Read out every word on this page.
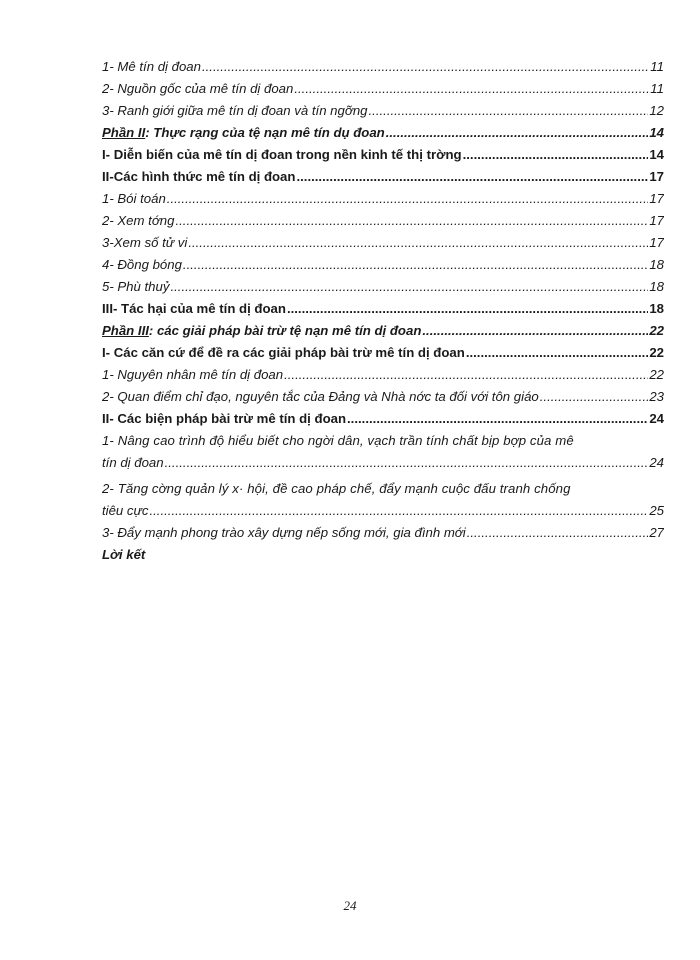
1- Mê tín dị đoan .....	11
2- Nguồn gốc của mê tín dị đoan .....	11
3- Ranh giới giữa mê tín dị đoan và tín ngỡng .....	12
Phần II: Thực rạng của tệ nạn mê tín dụ đoan .....	14
I- Diễn biến của mê tín dị đoan trong nền kinh tế thị trờng .....	14
II-Các hình thức mê tín dị đoan .....	17
1- Bói toán .....	17
2- Xem tớng .....	17
3-Xem số tử vi .....	17
4- Đồng bóng .....	18
5- Phù thuỷ .....	18
III- Tác hại của mê tín dị đoan .....	18
Phần III: các giải pháp bài trừ tệ nạn mê tín dị đoan .....	22
I- Các căn cứ để đề ra các giải pháp bài trừ mê tín dị đoan .....	22
1- Nguyên nhân mê tín dị đoan .....	22
2- Quan điểm chỉ đạo, nguyên tắc của Đảng và Nhà nớc ta đối với tôn giáo .....	23
II- Các biện pháp bài trừ mê tín dị đoan .....	24
1- Nâng cao trình độ hiểu biết cho ngời dân, vạch trần tính chất bịp bợp của mê
tín dị đoan .....	24
2- Tăng cờng quản lý x· hội, đề cao pháp chế, đẩy mạnh cuộc đấu tranh chống
tiêu cực .....	25
3- Đẩy mạnh phong trào xây dựng nếp sống mới, gia đình mới .....	27
Lời kết
24
